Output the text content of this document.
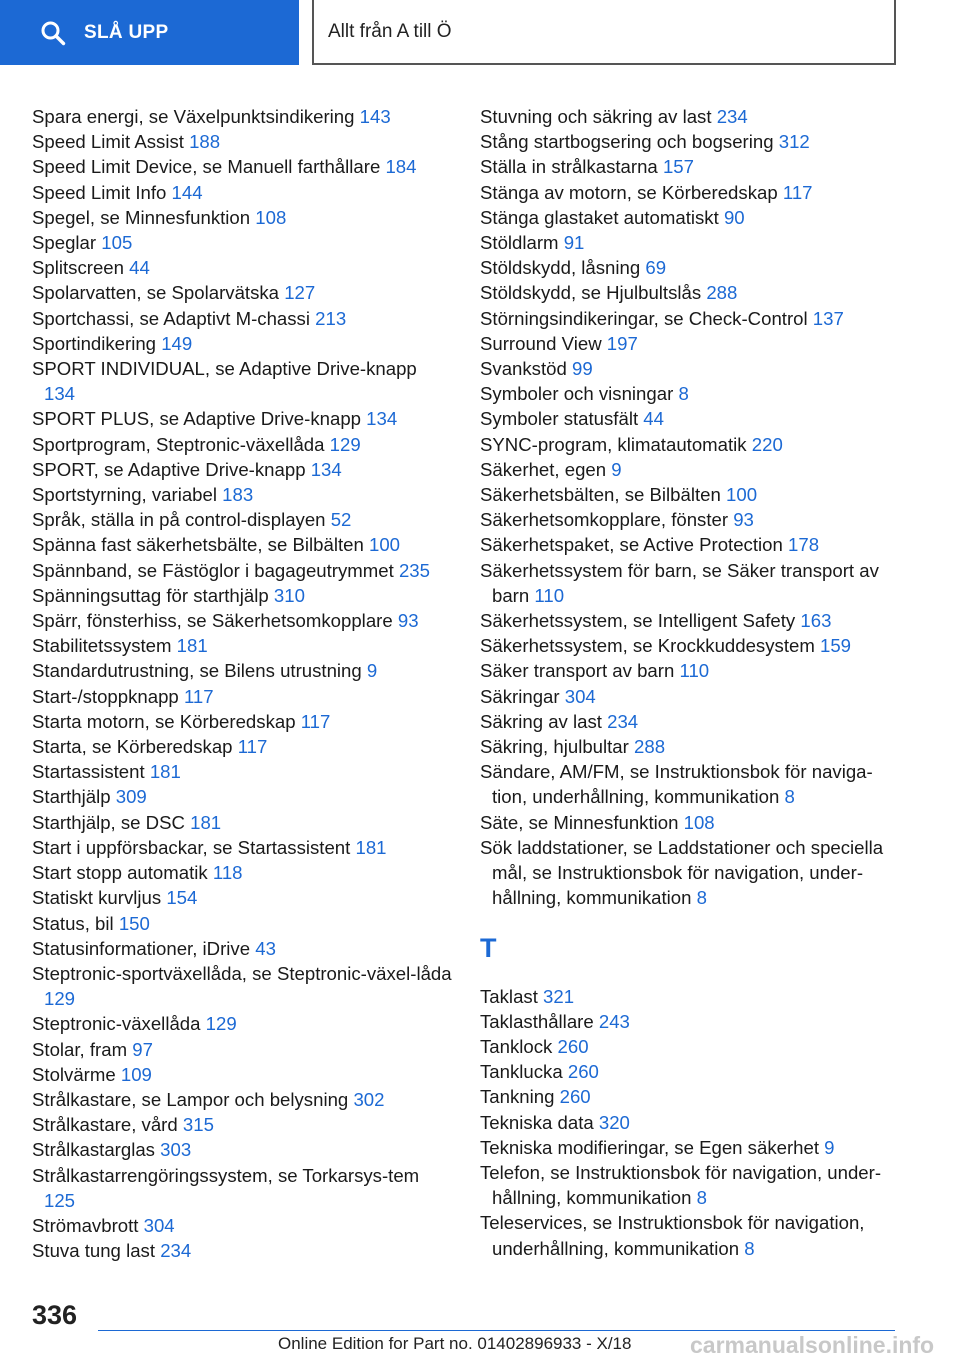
SLÅ UPP	Allt från A till Ö
Spara energi, se Växelpunktsindikering 143
Speed Limit Assist 188
Speed Limit Device, se Manuell farthållare 184
Speed Limit Info 144
Spegel, se Minnesfunktion 108
Speglar 105
Splitscreen 44
Spolarvatten, se Spolarvätska 127
Sportchassi, se Adaptivt M-chassi 213
Sportindikering 149
SPORT INDIVIDUAL, se Adaptive Drive-knapp 134
SPORT PLUS, se Adaptive Drive-knapp 134
Sportprogram, Steptronic-växellåda 129
SPORT, se Adaptive Drive-knapp 134
Sportstyrning, variabel 183
Språk, ställa in på control-displayen 52
Spänna fast säkerhetsbälte, se Bilbälten 100
Spännband, se Fästöglor i bagageutrymmet 235
Spänningsuttag för starthjälp 310
Spärr, fönsterhiss, se Säkerhetsomkopplare 93
Stabilitetssystem 181
Standardutrustning, se Bilens utrustning 9
Start-/stoppknapp 117
Starta motorn, se Körberedskap 117
Starta, se Körberedskap 117
Startassistent 181
Starthjälp 309
Starthjälp, se DSC 181
Start i uppförsbackar, se Startassistent 181
Start stopp automatik 118
Statiskt kurvljus 154
Status, bil 150
Statusinformationer, iDrive 43
Steptronic-sportväxellåda, se Steptronic-växel-låda 129
Steptronic-växellåda 129
Stolar, fram 97
Stolvärme 109
Strålkastare, se Lampor och belysning 302
Strålkastare, vård 315
Strålkastarglas 303
Strålkastarrengöringssystem, se Torkarsys-tem 125
Strömavbrott 304
Stuva tung last 234
Stuvning och säkring av last 234
Stång startbogsering och bogsering 312
Ställa in strålkastarna 157
Stänga av motorn, se Körberedskap 117
Stänga glastaket automatiskt 90
Stöldlarm 91
Stöldskydd, låsning 69
Stöldskydd, se Hjulbultslås 288
Störningsindikeringar, se Check-Control 137
Surround View 197
Svankstöd 99
Symboler och visningar 8
Symboler statusfält 44
SYNC-program, klimatautomatik 220
Säkerhet, egen 9
Säkerhetsbälten, se Bilbälten 100
Säkerhetsomkopplare, fönster 93
Säkerhetspaket, se Active Protection 178
Säkerhetssystem för barn, se Säker transport av barn 110
Säkerhetssystem, se Intelligent Safety 163
Säkerhetssystem, se Krockkuddesystem 159
Säker transport av barn 110
Säkringar 304
Säkring av last 234
Säkring, hjulbultar 288
Sändare, AM/FM, se Instruktionsbok för naviga-tion, underhållning, kommunikation 8
Säte, se Minnesfunktion 108
Sök laddstationer, se Laddstationer och speciella mål, se Instruktionsbok för navigation, under-hållning, kommunikation 8
T
Taklast 321
Taklasthållare 243
Tanklock 260
Tanklucka 260
Tankning 260
Tekniska data 320
Tekniska modifieringar, se Egen säkerhet 9
Telefon, se Instruktionsbok för navigation, under-hållning, kommunikation 8
Teleservices, se Instruktionsbok för navigation, underhållning, kommunikation 8
336
Online Edition for Part no. 01402896933 - X/18	carmanualsonline.info
